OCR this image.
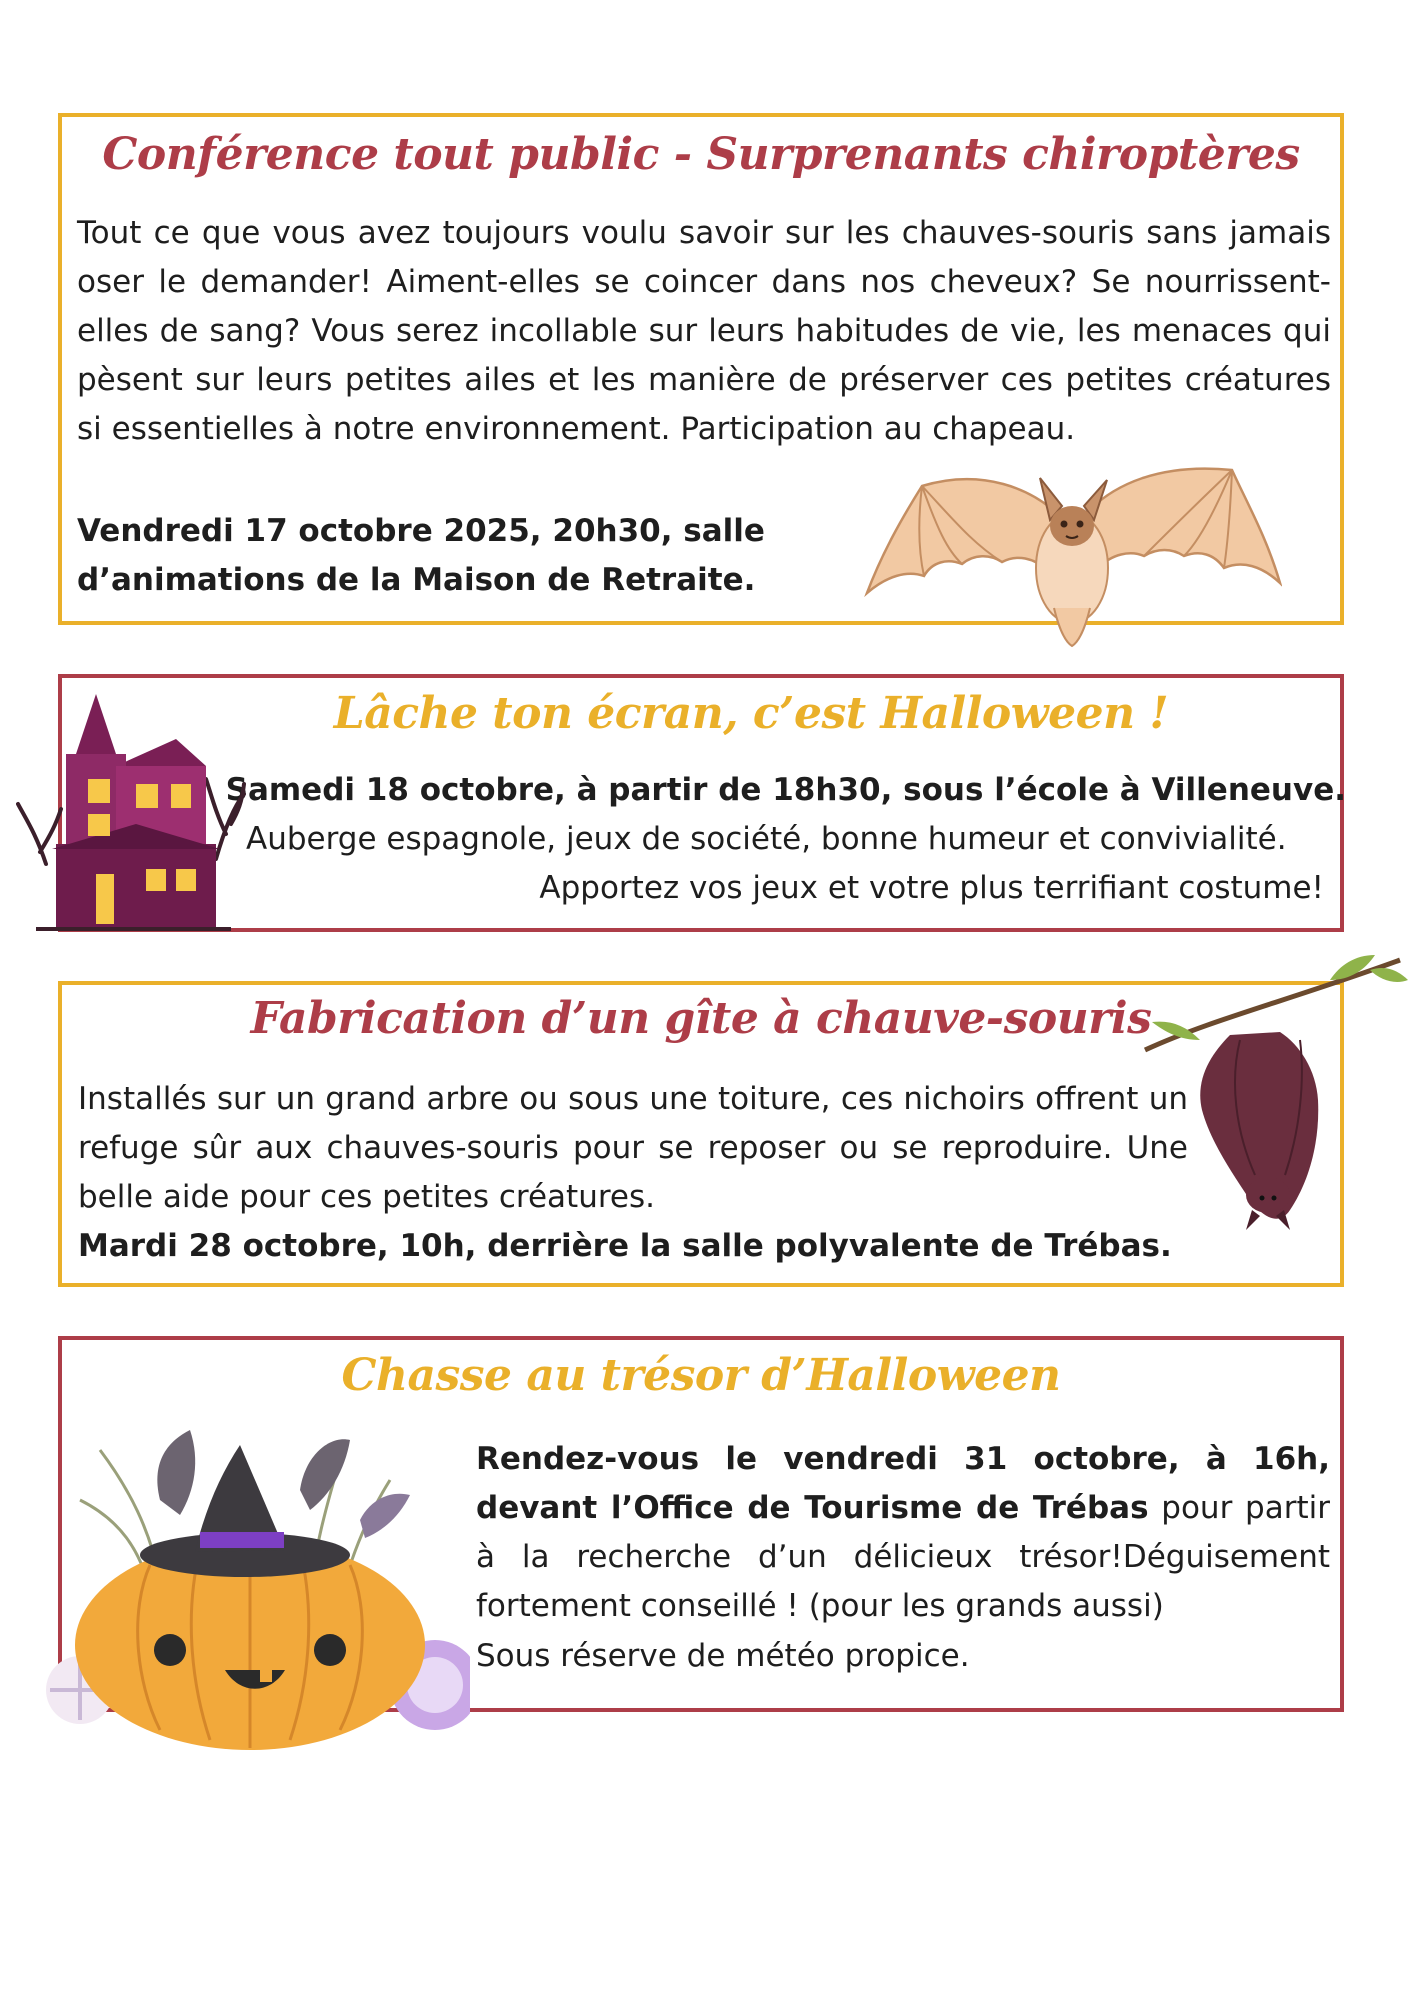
Conférence tout public - Surprenants chiroptères

Tout ce que vous avez toujours voulu savoir sur les chauves-souris sans jamais oser le demander! Aiment-elles se coincer dans nos cheveux? Se nourrissent-elles de sang? Vous serez incollable sur leurs habitudes de vie, les menaces qui pèsent sur leurs petites ailes et les manière de préserver ces petites créatures si essentielles à notre environnement. Participation au chapeau.

Vendredi 17 octobre 2025, 20h30, salle
d’animations de la Maison de Retraite.
Lâche ton écran, c’est Halloween !
Samedi 18 octobre, à partir de 18h30, sous l’école à Villeneuve.
Auberge espagnole, jeux de société, bonne humeur et convivialité.
Apportez vos jeux et votre plus terrifiant costume!
Fabrication d’un gîte à chauve-souris

Installés sur un grand arbre ou sous une toiture, ces nichoirs offrent un refuge sûr aux chauves-souris pour se reposer ou se reproduire. Une belle aide pour ces petites créatures.

Mardi 28 octobre, 10h, derrière la salle polyvalente de Trébas.
Chasse au trésor d’Halloween

Rendez-vous le vendredi 31 octobre, à 16h, devant l’Office de Tourisme de Trébas pour partir à la recherche d’un délicieux trésor!Déguisement fortement conseillé ! (pour les grands aussi)

Sous réserve de météo propice.
